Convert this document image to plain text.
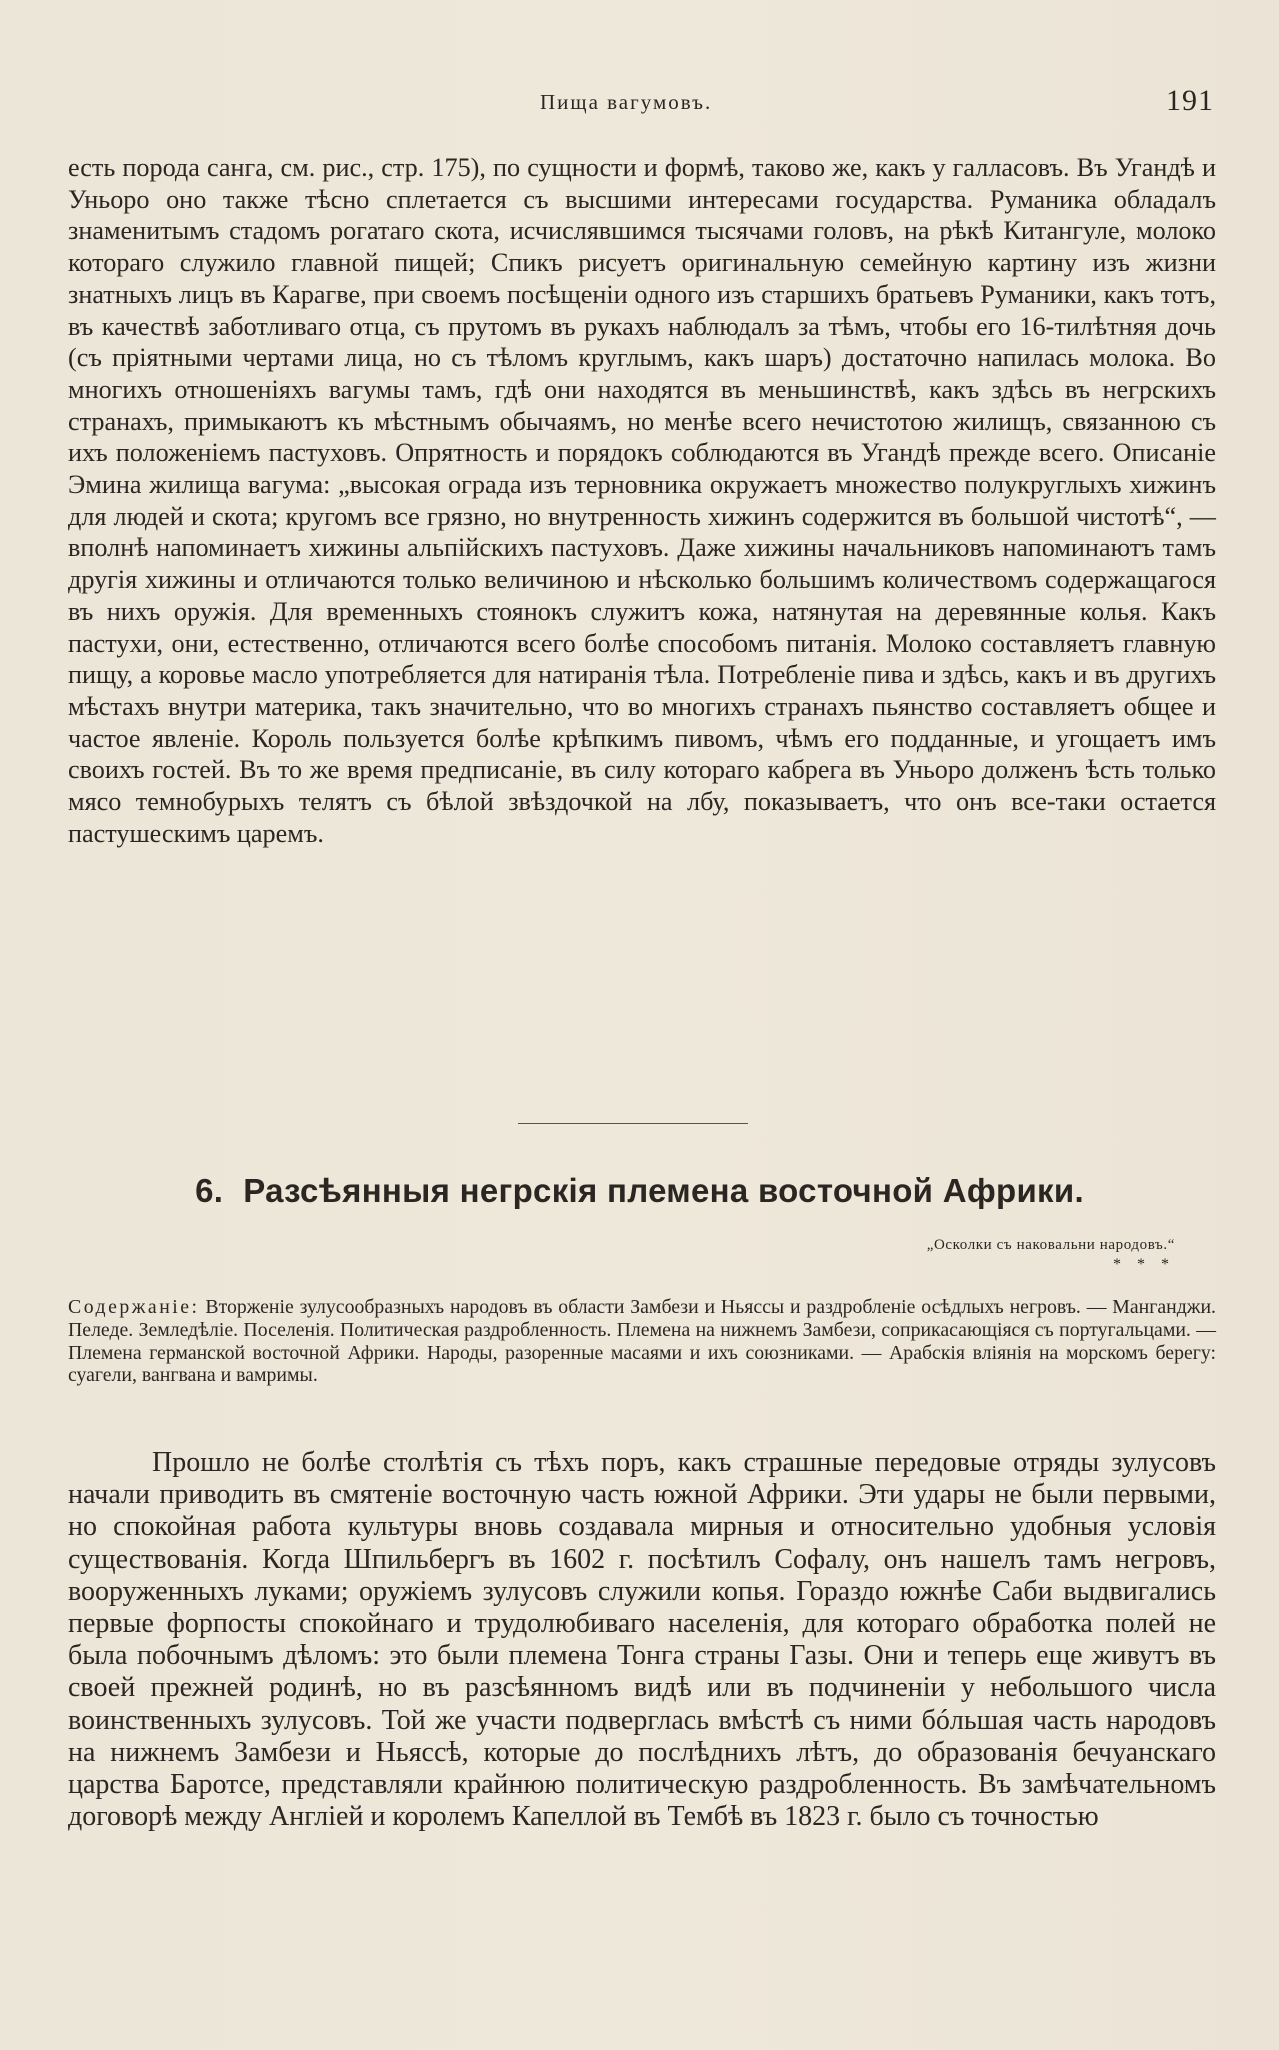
Пища вагумовъ.	191

есть порода санга, см. рис., стр. 175), по сущности и формѣ, таково же, какъ у галласовъ. Въ Угандѣ и Уньоро оно также тѣсно сплетается съ высшими интересами государства. Руманика обладалъ знаменитымъ стадомъ рогатаго скота, исчислявшимся тысячами головъ, на рѣкѣ Китангуле, молоко котораго служило главной пищей; Спикъ рисуетъ оригинальную семейную картину изъ жизни знатныхъ лицъ въ Карагве, при своемъ посѣщеніи одного изъ старшихъ братьевъ Руманики, какъ тотъ, въ качествѣ заботливаго отца, съ прутомъ въ рукахъ наблюдалъ за тѣмъ, чтобы его 16-тилѣтняя дочь (съ пріятными чертами лица, но съ тѣломъ круглымъ, какъ шаръ) достаточно напилась молока. Во многихъ отношеніяхъ вагумы тамъ, гдѣ они находятся въ меньшинствѣ, какъ здѣсь въ негрскихъ странахъ, примыкаютъ къ мѣстнымъ обычаямъ, но менѣе всего нечистотою жилищъ, связанною съ ихъ положеніемъ пастуховъ. Опрятность и порядокъ соблюдаются въ Угандѣ прежде всего. Описаніе Эмина жилища вагума: „высокая ограда изъ терновника окружаетъ множество полукруглыхъ хижинъ для людей и скота; кругомъ все грязно, но внутренность хижинъ содержится въ большой чистотѣ“, — вполнѣ напоминаетъ хижины альпійскихъ пастуховъ. Даже хижины начальниковъ напоминаютъ тамъ другія хижины и отличаются только величиною и нѣсколько большимъ количествомъ содержащагося въ нихъ оружія. Для временныхъ стоянокъ служитъ кожа, натянутая на деревянные колья. Какъ пастухи, они, естественно, отличаются всего болѣе способомъ питанія. Молоко составляетъ главную пищу, а коровье масло употребляется для натиранія тѣла. Потребленіе пива и здѣсь, какъ и въ другихъ мѣстахъ внутри материка, такъ значительно, что во многихъ странахъ пьянство составляетъ общее и частое явленіе. Король пользуется болѣе крѣпкимъ пивомъ, чѣмъ его подданные, и угощаетъ имъ своихъ гостей. Въ то же время предписаніе, въ силу котораго кабрега въ Уньоро долженъ ѣсть только мясо темнобурыхъ телятъ съ бѣлой звѣздочкой на лбу, показываетъ, что онъ все-таки остается пастушескимъ царемъ.

6. Разсѣянныя негрскія племена восточной Африки.
„Осколки съ наковальни народовъ.“
* * *
Содержаніе: Вторженіе зулусообразныхъ народовъ въ области Замбези и Ньяссы и раздробленіе осѣдлыхъ негровъ. — Манганджи. Пеледе. Земледѣліе. Поселенія. Политическая раздробленность. Племена на нижнемъ Замбези, соприкасающіяся съ португальцами. — Племена германской восточной Африки. Народы, разоренные масаями и ихъ союзниками. — Арабскія вліянія на морскомъ берегу: суагели, вангвана и вамримы.

Прошло не болѣе столѣтія съ тѣхъ поръ, какъ страшные передовые отряды зулусовъ начали приводить въ смятеніе восточную часть южной Африки. Эти удары не были первыми, но спокойная работа культуры вновь создавала мирныя и относительно удобныя условія существованія. Когда Шпильбергъ въ 1602 г. посѣтилъ Софалу, онъ нашелъ тамъ негровъ, вооруженныхъ луками; оружіемъ зулусовъ служили копья. Гораздо южнѣе Саби выдвигались первые форпосты спокойнаго и трудолюбиваго населенія, для котораго обработка полей не была побочнымъ дѣломъ: это были племена Тонга страны Газы. Они и теперь еще живутъ въ своей прежней родинѣ, но въ разсѣянномъ видѣ или въ подчиненіи у небольшого числа воинственныхъ зулусовъ. Той же участи подверглась вмѣстѣ съ ними бóльшая часть народовъ на нижнемъ Замбези и Ньяссѣ, которые до послѣднихъ лѣтъ, до образованія бечуанскаго царства Баротсе, представляли крайнюю политическую раздробленность. Въ замѣчательномъ договорѣ между Англіей и королемъ Капеллой въ Тембѣ въ 1823 г. было съ точностью
